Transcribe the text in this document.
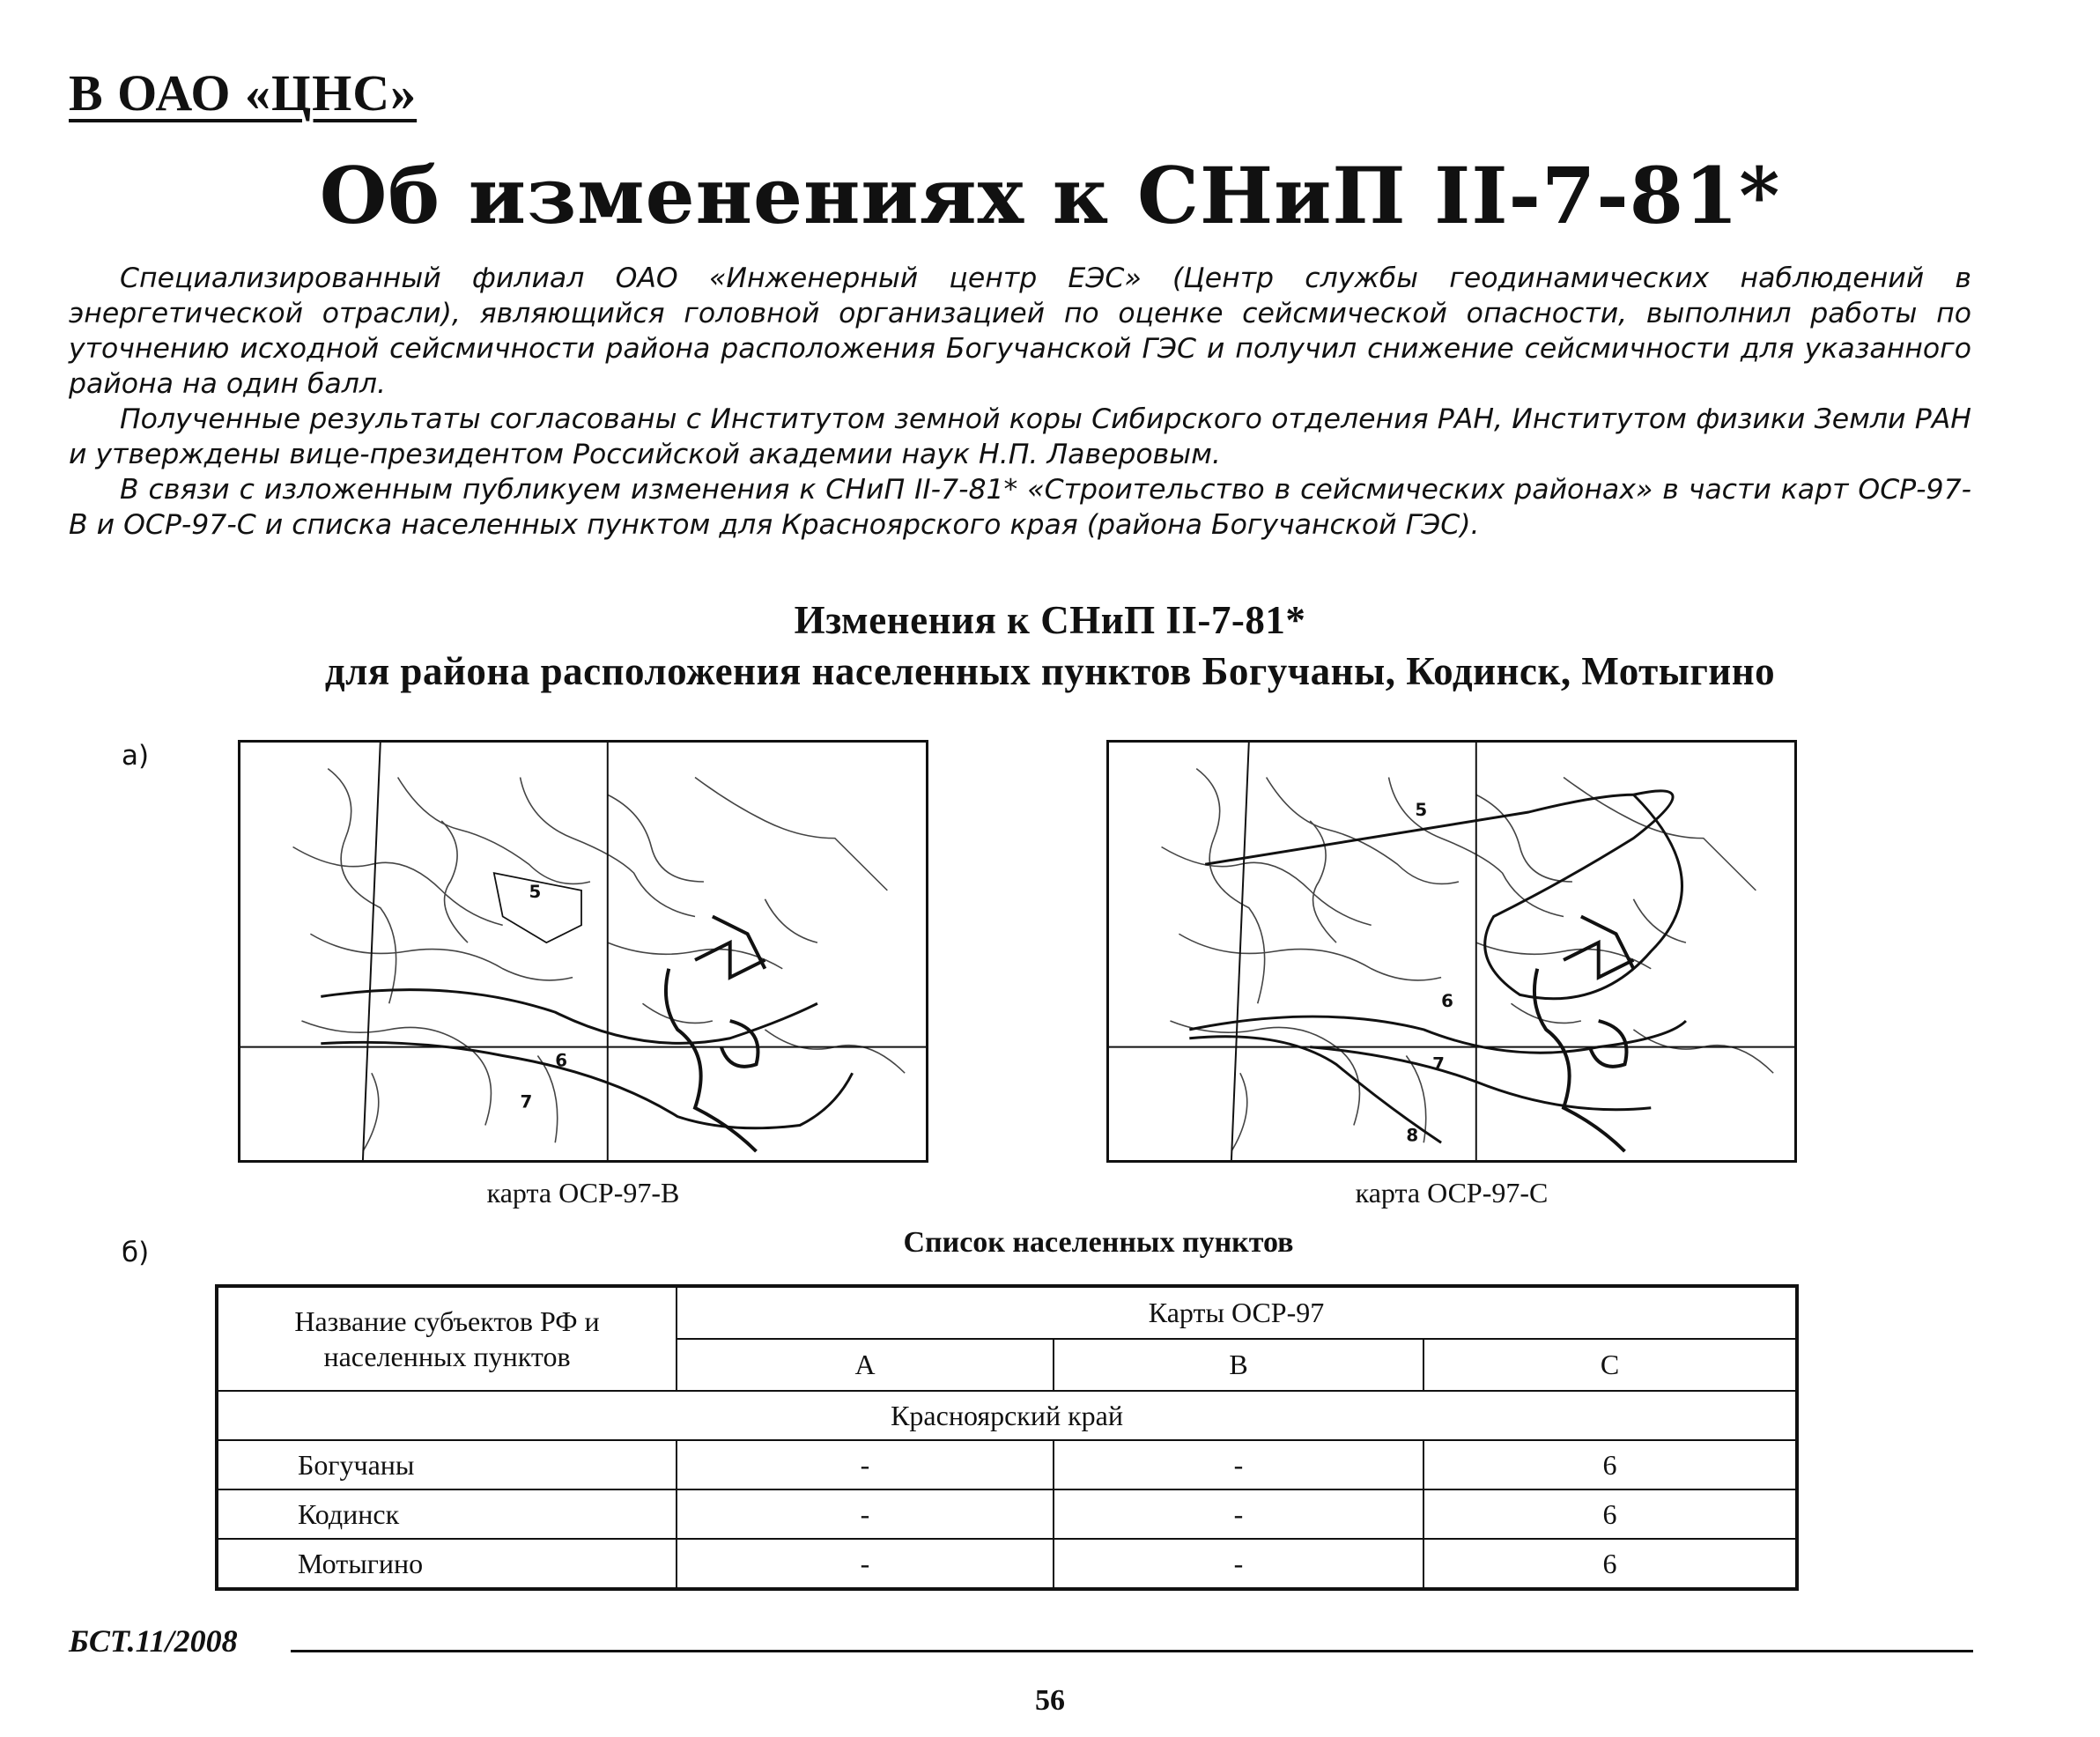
В ОАО «ЦНС»
Об изменениях к СНиП II-7-81*

Специализированный филиал ОАО «Инженерный центр ЕЭС» (Центр службы геодинамических наблюдений в энергетической отрасли), являющийся головной организацией по оценке сейсмической опасности, выполнил работы по уточнению исходной сейсмичности района расположения Богучанской ГЭС и получил снижение сейсмичности для указанного района на один балл.

Полученные результаты согласованы с Институтом земной коры Сибирского отделения РАН, Институтом физики Земли РАН и утверждены вице-президентом Российской академии наук Н.П. Лаверовым.

В связи с изложенным публикуем изменения к СНиП II-7-81* «Строительство в сейсмических районах» в части карт ОСР-97-В и ОСР-97-С и списка населенных пунктом для Красноярского края (района Богучанской ГЭС).

Изменения к СНиП II-7-81*
для района расположения населенных пунктов Богучаны, Кодинск, Мотыгино
а)
5
6
7
карта ОСР-97-В
5
6
7
8
карта ОСР-97-С
б)	Список населенных пунктов
Название субъектов РФ и населенных пунктов	Карты ОСР-97		
	A	B	C
Красноярский край			
Богучаны	-	-	6
Кодинск	-	-	6
Мотыгино	-	-	6
БСТ.11/2008
56
